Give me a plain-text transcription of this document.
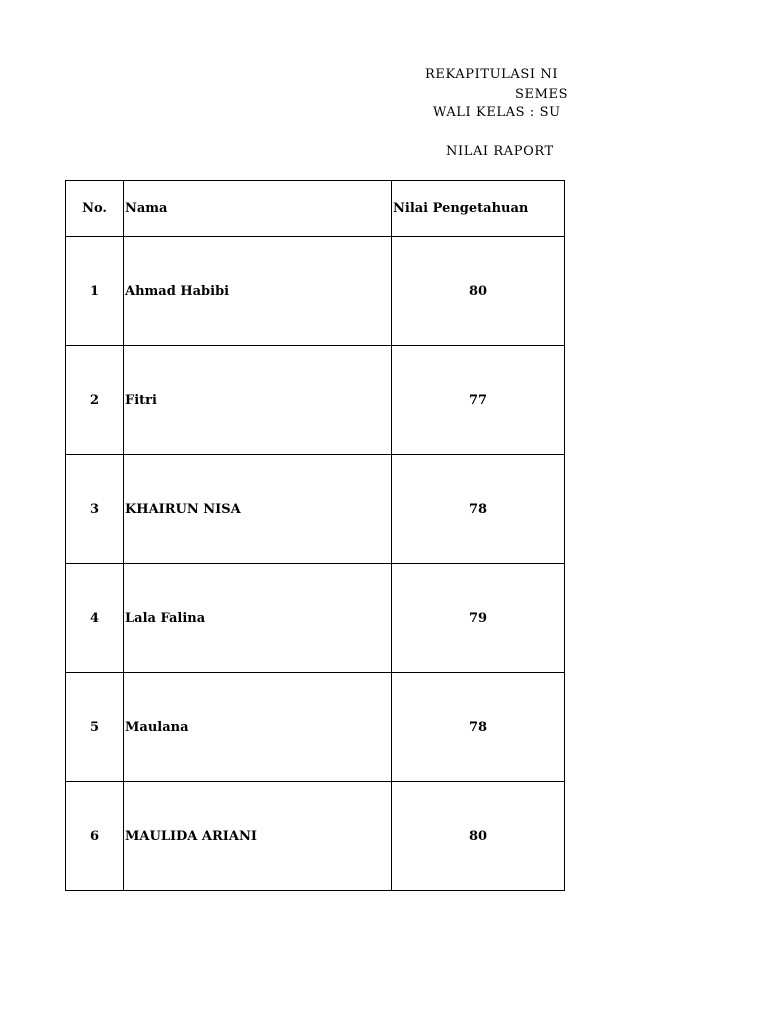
REKAPITULASI NI
SEMES
WALI KELAS : SU
NILAI RAPORT
No.	Nama	Nilai Pengetahuan
1	Ahmad Habibi	80
2	Fitri	77
3	KHAIRUN NISA	78
4	Lala Falina	79
5	Maulana	78
6	MAULIDA ARIANI	80
